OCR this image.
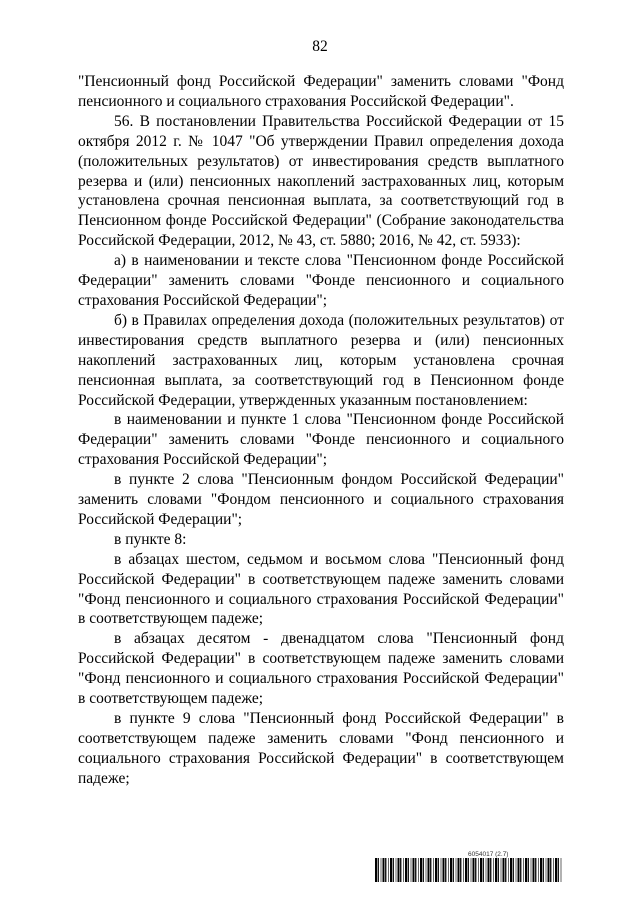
82

"Пенсионный фонд Российской Федерации" заменить словами "Фонд пенсионного и социального страхования Российской Федерации".

56. В постановлении Правительства Российской Федерации от 15 октября 2012 г. № 1047 "Об утверждении Правил определения дохода (положительных результатов) от инвестирования средств выплатного резерва и (или) пенсионных накоплений застрахованных лиц, которым установлена срочная пенсионная выплата, за соответствующий год в Пенсионном фонде Российской Федерации" (Собрание законодательства Российской Федерации, 2012, № 43, ст. 5880; 2016, № 42, ст. 5933):

а) в наименовании и тексте слова "Пенсионном фонде Российской Федерации" заменить словами "Фонде пенсионного и социального страхования Российской Федерации";

б) в Правилах определения дохода (положительных результатов) от инвестирования средств выплатного резерва и (или) пенсионных накоплений застрахованных лиц, которым установлена срочная пенсионная выплата, за соответствующий год в Пенсионном фонде Российской Федерации, утвержденных указанным постановлением:

в наименовании и пункте 1 слова "Пенсионном фонде Российской Федерации" заменить словами "Фонде пенсионного и социального страхования Российской Федерации";

в пункте 2 слова "Пенсионным фондом Российской Федерации" заменить словами "Фондом пенсионного и социального страхования Российской Федерации";

в пункте 8:

в абзацах шестом, седьмом и восьмом слова "Пенсионный фонд Российской Федерации" в соответствующем падеже заменить словами "Фонд пенсионного и социального страхования Российской Федерации" в соответствующем падеже;

в абзацах десятом - двенадцатом слова "Пенсионный фонд Российской Федерации" в соответствующем падеже заменить словами "Фонд пенсионного и социального страхования Российской Федерации" в соответствующем падеже;

в пункте 9 слова "Пенсионный фонд Российской Федерации" в соответствующем падеже заменить словами "Фонд пенсионного и социального страхования Российской Федерации" в соответствующем падеже;

6054017 (2.7)
